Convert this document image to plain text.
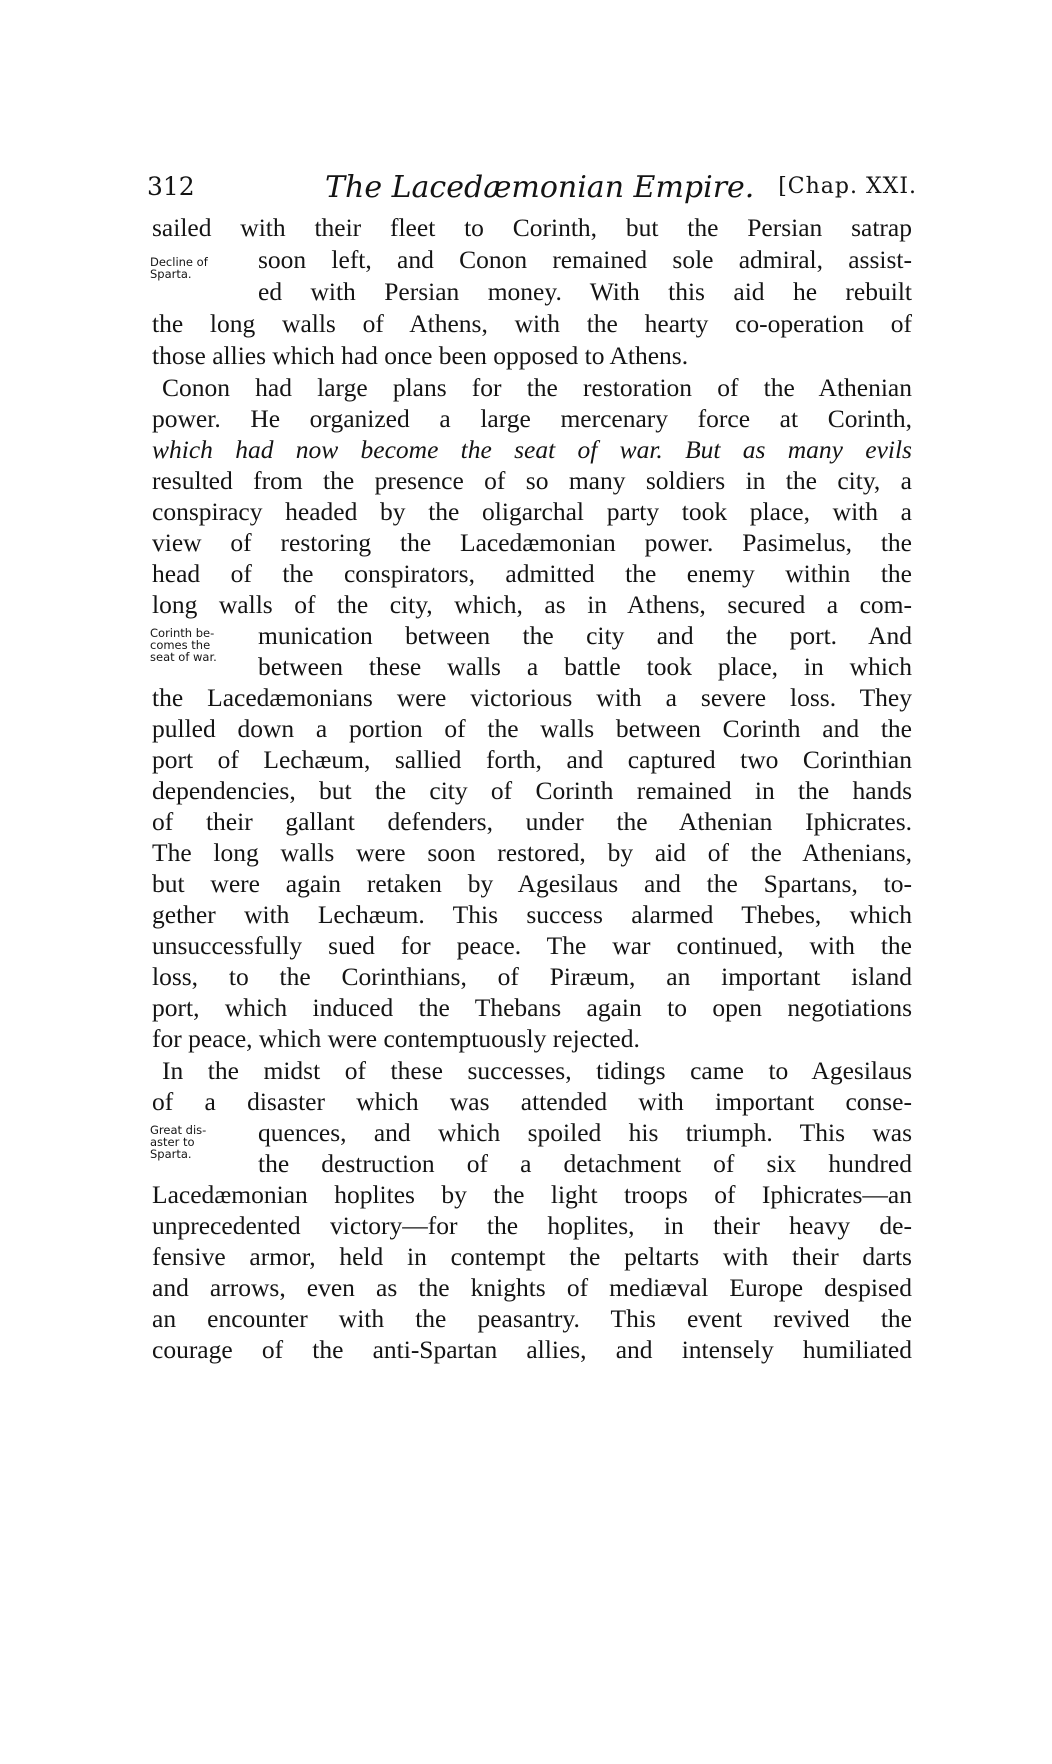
312	The Lacedæmonian Empire. [Chap. XXI.
Decline of
Sparta.
Corinth be-
comes the
seat of war.
Great dis-
aster to
Sparta.
sailed with their fleet to Corinth, but the Persian satrap
soon left, and Conon remained sole admiral, assist-
ed with Persian money. With this aid he rebuilt
the long walls of Athens, with the hearty co-operation of
those allies which had once been opposed to Athens.
Conon had large plans for the restoration of the Athenian
power. He organized a large mercenary force at Corinth,
which had now become the seat of war. But as many evils
resulted from the presence of so many soldiers in the city, a
conspiracy headed by the oligarchal party took place, with a
view of restoring the Lacedæmonian power. Pasimelus, the
head of the conspirators, admitted the enemy within the
long walls of the city, which, as in Athens, secured a com-
munication between the city and the port. And
between these walls a battle took place, in which
the Lacedæmonians were victorious with a severe loss. They
pulled down a portion of the walls between Corinth and the
port of Lechæum, sallied forth, and captured two Corinthian
dependencies, but the city of Corinth remained in the hands
of their gallant defenders, under the Athenian Iphicrates.
The long walls were soon restored, by aid of the Athenians,
but were again retaken by Agesilaus and the Spartans, to-
gether with Lechæum. This success alarmed Thebes, which
unsuccessfully sued for peace. The war continued, with the
loss, to the Corinthians, of Piræum, an important island
port, which induced the Thebans again to open negotiations
for peace, which were contemptuously rejected.
In the midst of these successes, tidings came to Agesilaus
of a disaster which was attended with important conse-
quences, and which spoiled his triumph. This was
the destruction of a detachment of six hundred
Lacedæmonian hoplites by the light troops of Iphicrates—an
unprecedented victory—for the hoplites, in their heavy de-
fensive armor, held in contempt the peltarts with their darts
and arrows, even as the knights of mediæval Europe despised
an encounter with the peasantry. This event revived the
courage of the anti-Spartan allies, and intensely humiliated
